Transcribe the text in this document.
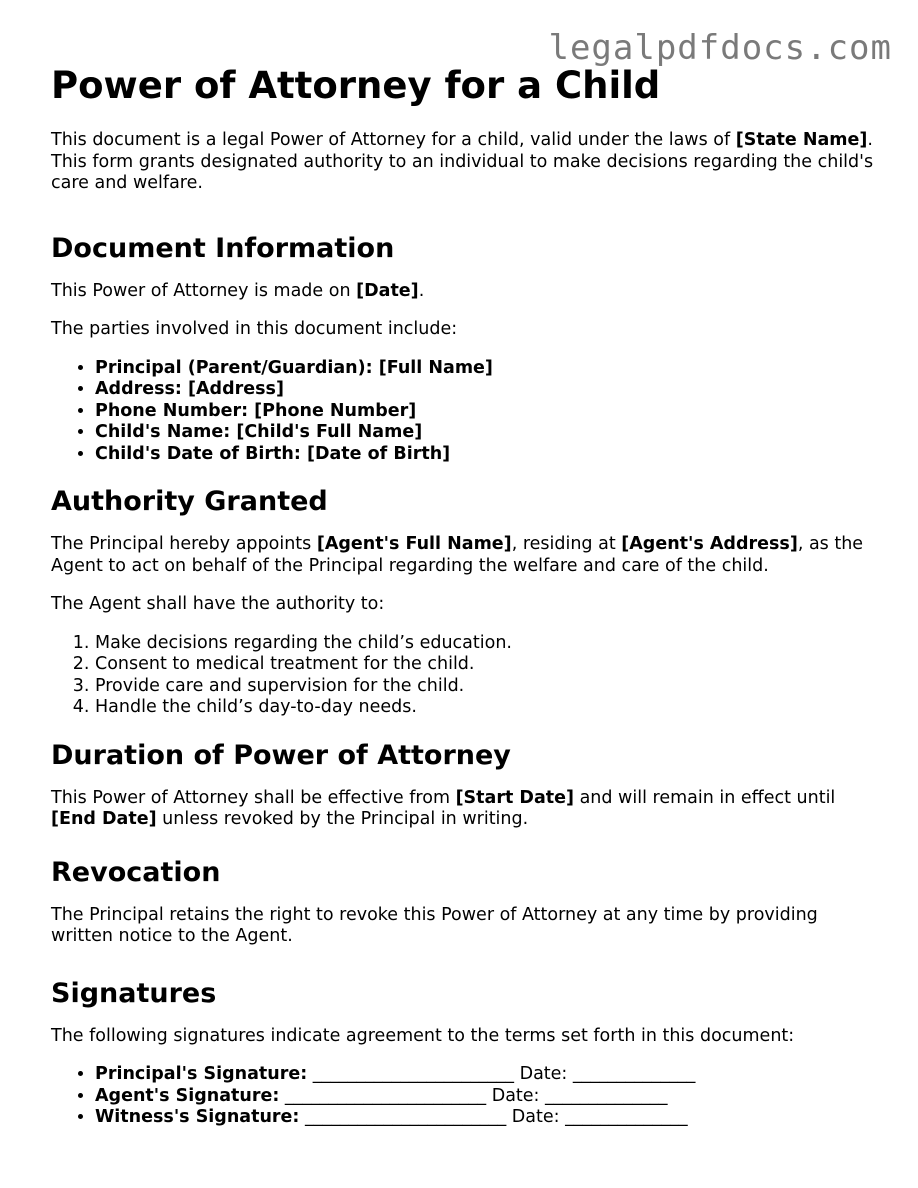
legalpdfdocs.com
Power of Attorney for a Child

This document is a legal Power of Attorney for a child, valid under the laws of [State Name]. This form grants designated authority to an individual to make decisions regarding the child's care and welfare.

Document Information

This Power of Attorney is made on [Date].

The parties involved in this document include:

• Principal (Parent/Guardian): [Full Name]
• Address: [Address]
• Phone Number: [Phone Number]
• Child's Name: [Child's Full Name]
• Child's Date of Birth: [Date of Birth]
Authority Granted

The Principal hereby appoints [Agent's Full Name], residing at [Agent's Address], as the Agent to act on behalf of the Principal regarding the welfare and care of the child.

The Agent shall have the authority to:

1. Make decisions regarding the child’s education.
2. Consent to medical treatment for the child.
3. Provide care and supervision for the child.
4. Handle the child’s day-to-day needs.
Duration of Power of Attorney

This Power of Attorney shall be effective from [Start Date] and will remain in effect until [End Date] unless revoked by the Principal in writing.

Revocation

The Principal retains the right to revoke this Power of Attorney at any time by providing written notice to the Agent.

Signatures

The following signatures indicate agreement to the terms set forth in this document:

• Principal's Signature: _______________________ Date: ______________
• Agent's Signature: _______________________ Date: ______________
• Witness's Signature: _______________________ Date: ______________
